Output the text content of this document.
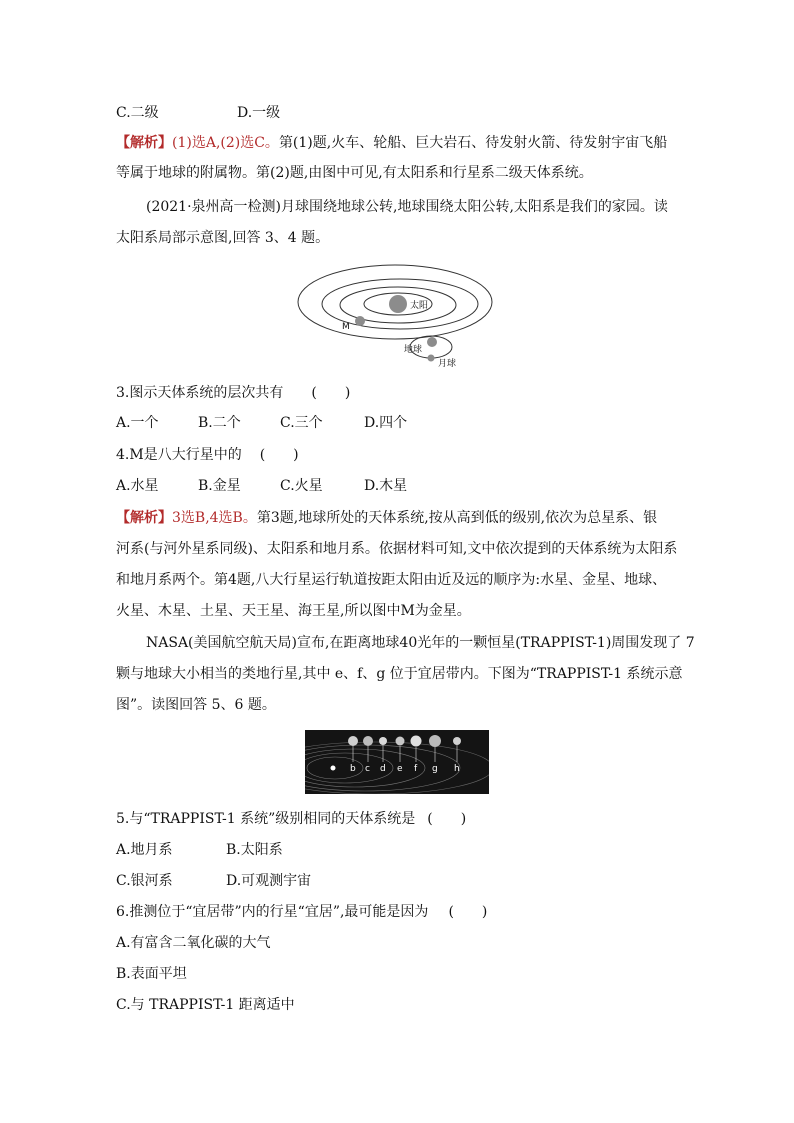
C.二级	D.一级
【解析】(1)选A,(2)选C。第(1)题,火车、轮船、巨大岩石、待发射火箭、待发射宇宙飞船
等属于地球的附属物。第(2)题,由图中可见,有太阳系和行星系二级天体系统。
(2021·泉州高一检测)月球围绕地球公转,地球围绕太阳公转,太阳系是我们的家园。读
太阳系局部示意图,回答 3、4 题。
太阳
M
地球
月球
3.图示天体系统的层次共有 (　　)
A.一个	B.二个	C.三个	D.四个
4.M是八大行星中的 (　　)
A.水星	B.金星	C.火星	D.木星
【解析】3选B,4选B。第3题,地球所处的天体系统,按从高到低的级别,依次为总星系、银
河系(与河外星系同级)、太阳系和地月系。依据材料可知,文中依次提到的天体系统为太阳系
和地月系两个。第4题,八大行星运行轨道按距太阳由近及远的顺序为:水星、金星、地球、
火星、木星、土星、天王星、海王星,所以图中M为金星。
NASA(美国航空航天局)宣布,在距离地球40光年的一颗恒星(TRAPPIST-1)周围发现了 7
颗与地球大小相当的类地行星,其中 e、f、g 位于宜居带内。下图为“TRAPPIST-1 系统示意
图”。读图回答 5、6 题。
b c d e f g h
5.与“TRAPPIST-1 系统”级别相同的天体系统是 (　　)
A.地月系	B.太阳系
C.银河系	D.可观测宇宙
6.推测位于“宜居带”内的行星“宜居”,最可能是因为 (　　)
A.有富含二氧化碳的大气
B.表面平坦
C.与 TRAPPIST-1 距离适中
